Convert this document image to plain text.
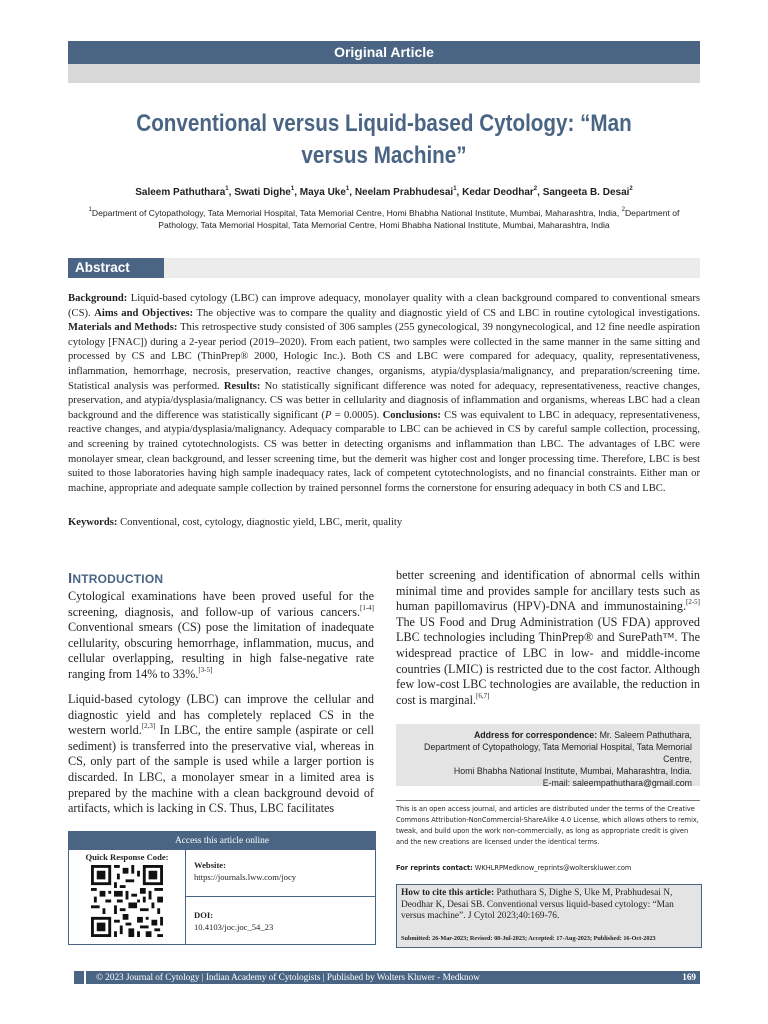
Original Article
Conventional versus Liquid-based Cytology: “Man versus Machine”
Saleem Pathuthara$^1$, Swati Dighe$^1$, Maya Uke$^1$, Neelam Prabhudesai$^1$, Kedar Deodhar$^2$, Sangeeta B. Desai$^2$
$^1$Department of Cytopathology, Tata Memorial Hospital, Tata Memorial Centre, Homi Bhabha National Institute, Mumbai, Maharashtra, India, $^2$Department of Pathology, Tata Memorial Hospital, Tata Memorial Centre, Homi Bhabha National Institute, Mumbai, Maharashtra, India
Abstract
Background: Liquid-based cytology (LBC) can improve adequacy, monolayer quality with a clean background compared to conventional smears (CS). Aims and Objectives: The objective was to compare the quality and diagnostic yield of CS and LBC in routine cytological investigations. Materials and Methods: This retrospective study consisted of 306 samples (255 gynecological, 39 nongynecological, and 12 fine needle aspiration cytology [FNAC]) during a 2-year period (2019–2020). From each patient, two samples were collected in the same manner in the same sitting and processed by CS and LBC (ThinPrep® 2000, Hologic Inc.). Both CS and LBC were compared for adequacy, quality, representativeness, inflammation, hemorrhage, necrosis, preservation, reactive changes, organisms, atypia/dysplasia/malignancy, and preparation/screening time. Statistical analysis was performed. Results: No statistically significant difference was noted for adequacy, representativeness, reactive changes, preservation, and atypia/dysplasia/malignancy. CS was better in cellularity and diagnosis of inflammation and organisms, whereas LBC had a clean background and the difference was statistically significant (P = 0.0005). Conclusions: CS was equivalent to LBC in adequacy, representativeness, reactive changes, and atypia/dysplasia/malignancy. Adequacy comparable to LBC can be achieved in CS by careful sample collection, processing, and screening by trained cytotechnologists. CS was better in detecting organisms and inflammation than LBC. The advantages of LBC were monolayer smear, clean background, and lesser screening time, but the demerit was higher cost and longer processing time. Therefore, LBC is best suited to those laboratories having high sample inadequacy rates, lack of competent cytotechnologists, and no financial constraints. Either man or machine, appropriate and adequate sample collection by trained personnel forms the cornerstone for ensuring adequacy in both CS and LBC.
Keywords: Conventional, cost, cytology, diagnostic yield, LBC, merit, quality
INTRODUCTION
Cytological examinations have been proved useful for the screening, diagnosis, and follow-up of various cancers.[1-4] Conventional smears (CS) pose the limitation of inadequate cellularity, obscuring hemorrhage, inflammation, mucus, and cellular overlapping, resulting in high false-negative rate ranging from 14% to 33%.[3-5]
Liquid-based cytology (LBC) can improve the cellular and diagnostic yield and has completely replaced CS in the western world.[2,3] In LBC, the entire sample (aspirate or cell sediment) is transferred into the preservative vial, whereas in CS, only part of the sample is used while a larger portion is discarded. In LBC, a monolayer smear in a limited area is prepared by the machine with a clean background devoid of artifacts, which is lacking in CS. Thus, LBC facilitates
Access this article online
Quick Response Code:
Website:
https://journals.lww.com/jocy
DOI:
10.4103/joc.joc_54_23
better screening and identification of abnormal cells within minimal time and provides sample for ancillary tests such as human papillomavirus (HPV)-DNA and immunostaining.[2-5] The US Food and Drug Administration (US FDA) approved LBC technologies including ThinPrep® and SurePath™. The widespread practice of LBC in low- and middle-income countries (LMIC) is restricted due to the cost factor. Although few low-cost LBC technologies are available, the reduction in cost is marginal.[6,7]
Address for correspondence: Mr. Saleem Pathuthara,
Department of Cytopathology, Tata Memorial Hospital, Tata Memorial Centre,
Homi Bhabha National Institute, Mumbai, Maharashtra, India.
E-mail: saleempathuthara@gmail.com
This is an open access journal, and articles are distributed under the terms of the Creative Commons Attribution-NonCommercial-ShareAlike 4.0 License, which allows others to remix, tweak, and build upon the work non-commercially, as long as appropriate credit is given and the new creations are licensed under the identical terms.
For reprints contact: WKHLRPMedknow_reprints@wolterskluwer.com
How to cite this article: Pathuthara S, Dighe S, Uke M, Prabhudesai N, Deodhar K, Desai SB. Conventional versus liquid-based cytology: “Man versus machine”. J Cytol 2023;40:169-76.
Submitted: 26-Mar-2023; Revised: 08-Jul-2023; Accepted: 17-Aug-2023; Published: 16-Oct-2023
© 2023 Journal of Cytology | Indian Academy of Cytologists | Published by Wolters Kluwer - Medknow	169
